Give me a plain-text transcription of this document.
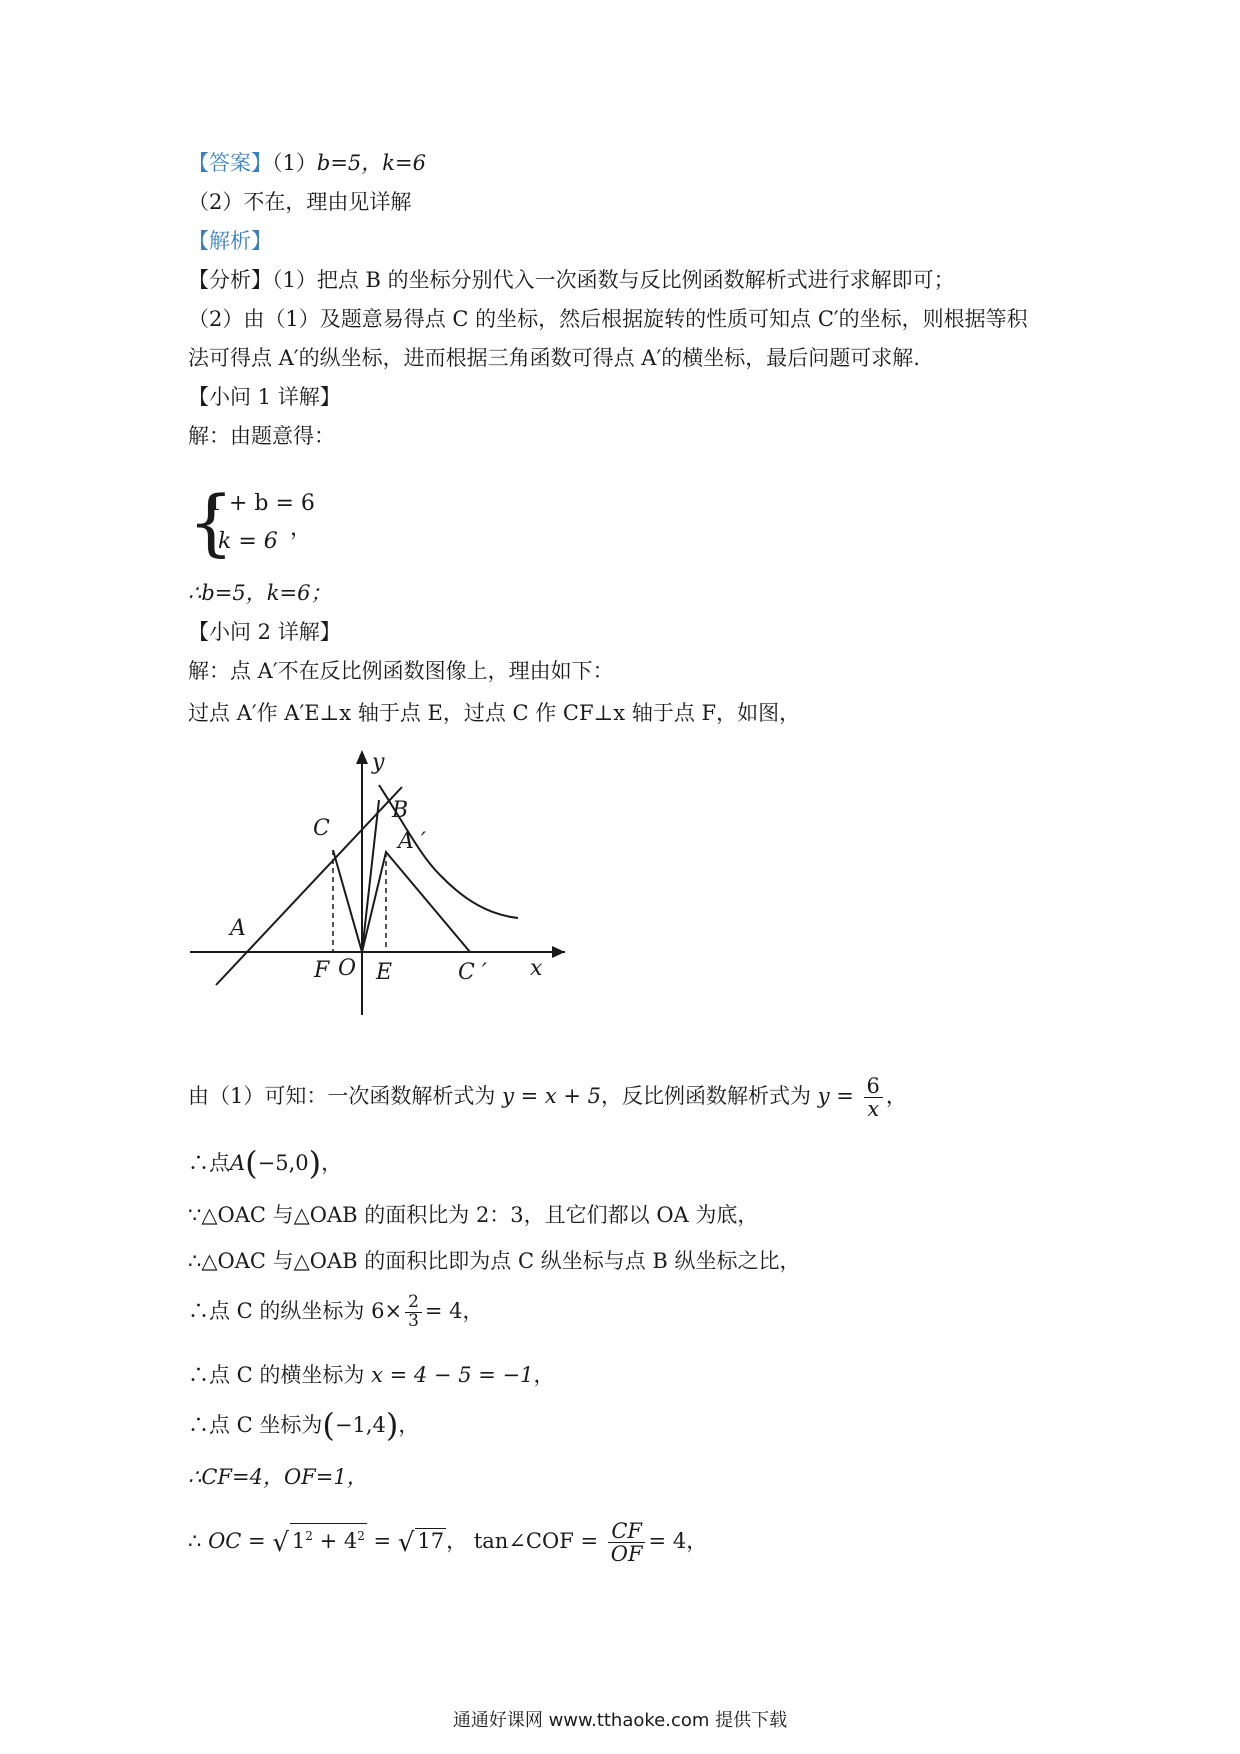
【答案】（1）b=5，k=6
（2）不在，理由见详解
【解析】
【分析】（1）把点 B 的坐标分别代入一次函数与反比例函数解析式进行求解即可；
（2）由（1）及题意易得点 C 的坐标，然后根据旋转的性质可知点 C′的坐标，则根据等积
法可得点 A′的纵坐标，进而根据三角函数可得点 A′的横坐标，最后问题可求解.
【小问 1 详解】
解：由题意得：
{
1 + b = 6
k = 6
，
∴b=5，k=6；
【小问 2 详解】
解：点 A′不在反比例函数图像上，理由如下：
过点 A′作 A′E⊥x 轴于点 E，过点 C 作 CF⊥x 轴于点 F，如图，
y
B
C
A ′
A
F O E	C ′ x
由（1）可知：一次函数解析式为 y = x + 5，反比例函数解析式为 $y = \frac{6}{x}$ ，
∴点A(−5,0)，
∵△OAC 与△OAB 的面积比为 2：3，且它们都以 OA 为底，
∴△OAC 与△OAB 的面积比即为点 C 纵坐标与点 B 纵坐标之比，
∴点 C 的纵坐标为 $6\times \frac{2}{3} = 4$，
∴点 C 的横坐标为 x = 4 − 5 = −1，
∴点 C 坐标为(−1,4)，
∴CF=4，OF=1，
∴ OC = √ $1^2 + 4^2$ = √ 17， tan∠COF = $\frac{CF}{OF} = 4$，
通通好课网 www.tthaoke.com 提供下载
